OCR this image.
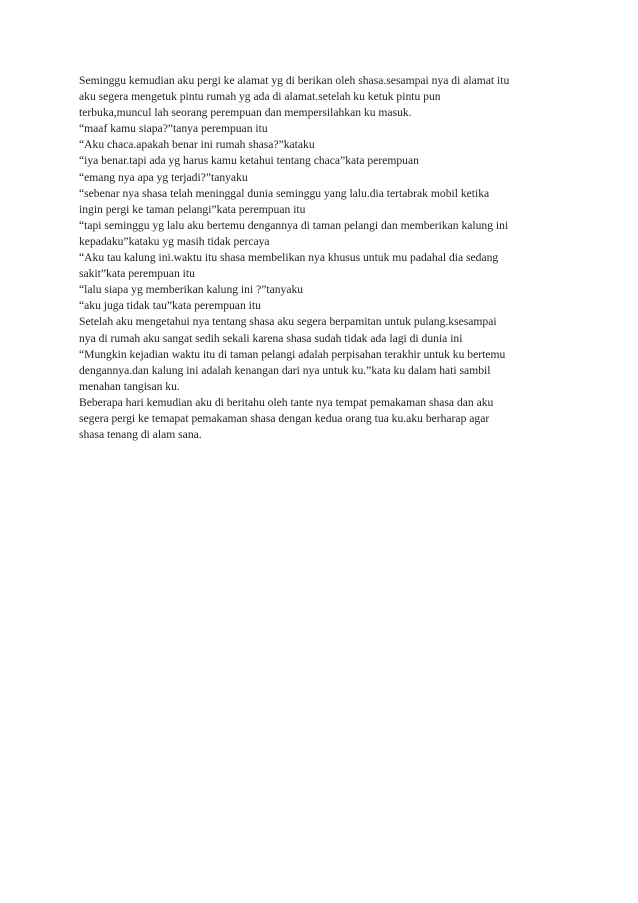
Seminggu kemudian aku pergi ke alamat yg di berikan oleh shasa.sesampai nya di alamat itu
aku segera mengetuk pintu rumah yg ada di alamat.setelah ku ketuk pintu pun
terbuka,muncul lah seorang perempuan dan mempersilahkan ku masuk.
“maaf kamu siapa?”tanya perempuan itu
“Aku chaca.apakah benar ini rumah shasa?”kataku
“iya benar.tapi ada yg harus kamu ketahui tentang chaca”kata perempuan
“emang nya apa yg terjadi?”tanyaku
“sebenar nya shasa telah meninggal dunia seminggu yang lalu.dia tertabrak mobil ketika
ingin pergi ke taman pelangi”kata perempuan itu
“tapi seminggu yg lalu aku bertemu dengannya di taman pelangi dan memberikan kalung ini
kepadaku”kataku yg masih tidak percaya
“Aku tau kalung ini.waktu itu shasa membelikan nya khusus untuk mu padahal dia sedang
sakit”kata perempuan itu
“lalu siapa yg memberikan kalung ini ?”tanyaku
“aku juga tidak tau”kata perempuan itu
Setelah aku mengetahui nya tentang shasa aku segera berpamitan untuk pulang.ksesampai
nya di rumah aku sangat sedih sekali karena shasa sudah tidak ada lagi di dunia ini
“Mungkin kejadian waktu itu di taman pelangi adalah perpisahan terakhir untuk ku bertemu
dengannya.dan kalung ini adalah kenangan dari nya untuk ku.”kata ku dalam hati sambil
menahan tangisan ku.
Beberapa hari kemudian aku di beritahu oleh tante nya tempat pemakaman shasa dan aku
segera pergi ke temapat pemakaman shasa dengan kedua orang tua ku.aku berharap agar
shasa tenang di alam sana.
